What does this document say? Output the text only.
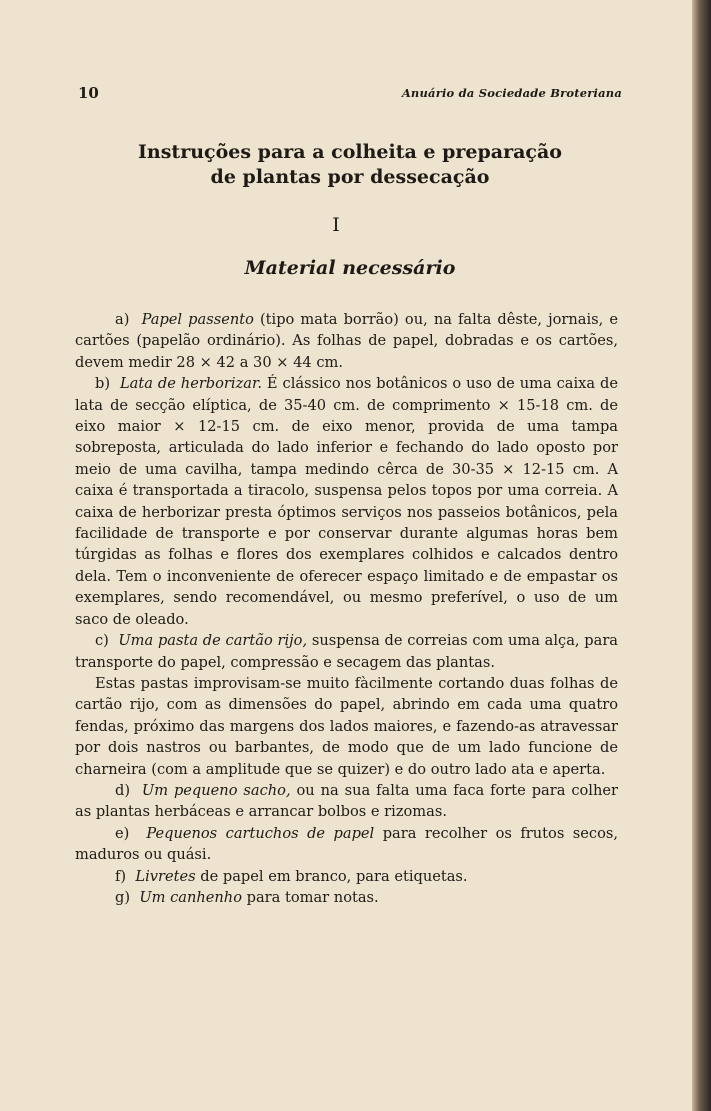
10	Anuário da Sociedade Broteriana
Instruções para a colheita e preparação
de plantas por dessecação
I
Material necessário

a) Papel passento (tipo mata borrão) ou, na falta dêste, jornais, e cartões (papelão ordinário). As folhas de papel, dobradas e os cartões, devem medir 28 × 42 a 30 × 44 cm.

b) Lata de herborizar. É clássico nos botânicos o uso de uma caixa de lata de secção elíptica, de 35-40 cm. de comprimento × 15-18 cm. de eixo maior × 12-15 cm. de eixo menor, provida de uma tampa sobreposta, articulada do lado inferior e fechando do lado oposto por meio de uma cavilha, tampa medindo cêrca de 30-35 × 12-15 cm. A caixa é transportada a tiracolo, suspensa pelos topos por uma correia. A caixa de herborizar presta óptimos serviços nos passeios botânicos, pela facilidade de transporte e por conservar durante algumas horas bem túrgidas as folhas e flores dos exemplares colhidos e calcados dentro dela. Tem o inconveniente de oferecer espaço limitado e de empastar os exemplares, sendo recomendável, ou mesmo preferível, o uso de um saco de oleado.

c) Uma pasta de cartão rijo, suspensa de correias com uma alça, para transporte do papel, compressão e secagem das plantas.

Estas pastas improvisam-se muito fàcilmente cortando duas folhas de cartão rijo, com as dimensões do papel, abrindo em cada uma quatro fendas, próximo das margens dos lados maiores, e fazendo-as atravessar por dois nastros ou barbantes, de modo que de um lado funcione de charneira (com a amplitude que se quizer) e do outro lado ata e aperta.

d) Um pequeno sacho, ou na sua falta uma faca forte para colher as plantas herbáceas e arrancar bolbos e rizomas.

e) Pequenos cartuchos de papel para recolher os frutos secos, maduros ou quási.

f) Livretes de papel em branco, para etiquetas.

g) Um canhenho para tomar notas.
